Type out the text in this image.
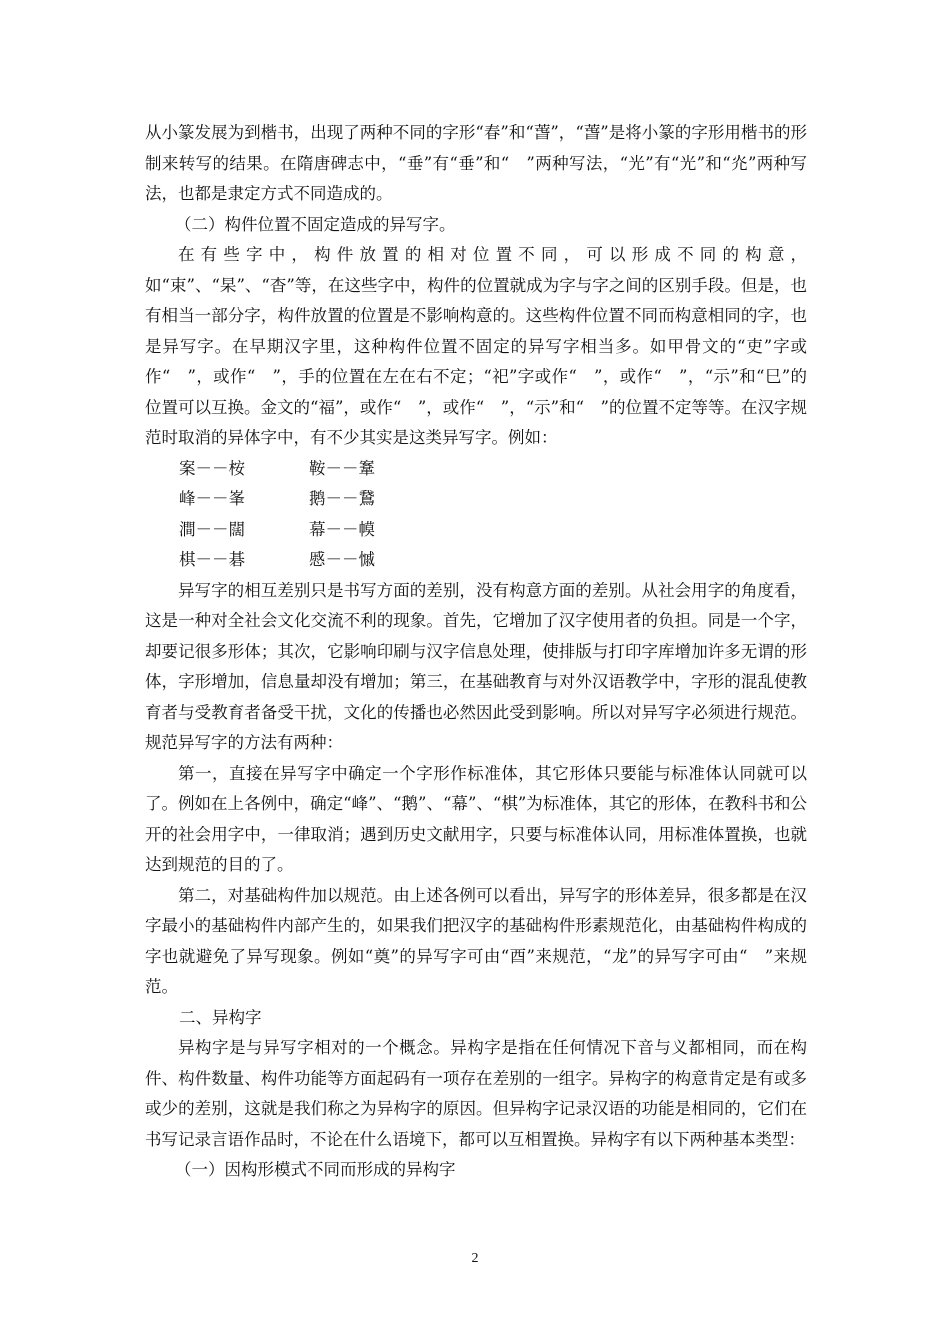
从小篆发展为到楷书，出现了两种不同的字形“春”和“萅”，“萅”是将小篆的字形用楷书的形制来转写的结果。在隋唐碑志中，“垂”有“垂”和“　”两种写法，“光”有“光”和“灮”两种写法，也都是隶定方式不同造成的。

（二）构件位置不固定造成的异写字。

在有些字中，构件放置的相对位置不同，可以形成不同的构意，如“束”、“杲”、“杳”等，在这些字中，构件的位置就成为字与字之间的区别手段。但是，也有相当一部分字，构件放置的位置是不影响构意的。这些构件位置不同而构意相同的字，也是异写字。在早期汉字里，这种构件位置不固定的异写字相当多。如甲骨文的“吏”字或作“　”，或作“　”，手的位置在左在右不定；“祀”字或作“　”，或作“　”，“示”和“巳”的位置可以互换。金文的“福”，或作“　”，或作“　”，“示”和“　”的位置不定等等。在汉字规范时取消的异体字中，有不少其实是这类异写字。例如：

案－－桉	鞍－－鞌
峰－－峯	鹅－－鵞
澗－－闊	幕－－幙
棋－－碁	慼－－慽

异写字的相互差别只是书写方面的差别，没有构意方面的差别。从社会用字的角度看，这是一种对全社会文化交流不利的现象。首先，它增加了汉字使用者的负担。同是一个字，却要记很多形体；其次，它影响印刷与汉字信息处理，使排版与打印字库增加许多无谓的形体，字形增加，信息量却没有增加；第三，在基础教育与对外汉语教学中，字形的混乱使教育者与受教育者备受干扰，文化的传播也必然因此受到影响。所以对异写字必须进行规范。规范异写字的方法有两种：

第一，直接在异写字中确定一个字形作标准体，其它形体只要能与标准体认同就可以了。例如在上各例中，确定“峰”、“鹅”、“幕”、“棋”为标准体，其它的形体，在教科书和公开的社会用字中，一律取消；遇到历史文献用字，只要与标准体认同，用标准体置换，也就达到规范的目的了。

第二，对基础构件加以规范。由上述各例可以看出，异写字的形体差异，很多都是在汉字最小的基础构件内部产生的，如果我们把汉字的基础构件形素规范化，由基础构件构成的字也就避免了异写现象。例如“奠”的异写字可由“酉”来规范，“龙”的异写字可由“　”来规范。

二、异构字

异构字是与异写字相对的一个概念。异构字是指在任何情况下音与义都相同，而在构件、构件数量、构件功能等方面起码有一项存在差别的一组字。异构字的构意肯定是有或多或少的差别，这就是我们称之为异构字的原因。但异构字记录汉语的功能是相同的，它们在书写记录言语作品时，不论在什么语境下，都可以互相置换。异构字有以下两种基本类型：

（一）因构形模式不同而形成的异构字

2
